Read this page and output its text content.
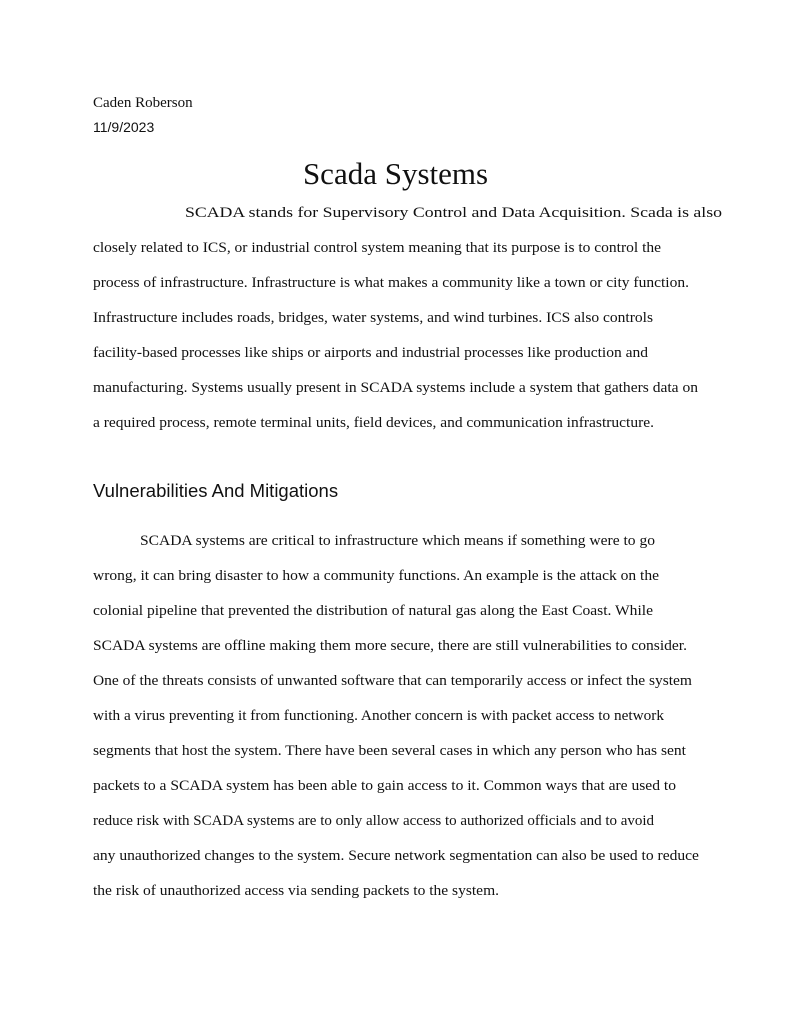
Caden Roberson
11/9/2023
Scada Systems
SCADA stands for Supervisory Control and Data Acquisition. Scada is also
closely related to ICS, or industrial control system meaning that its purpose is to control the
process of infrastructure. Infrastructure is what makes a community like a town or city function.
Infrastructure includes roads, bridges, water systems, and wind turbines. ICS also controls
facility-based processes like ships or airports and industrial processes like production and
manufacturing. Systems usually present in SCADA systems include a system that gathers data on
a required process, remote terminal units, field devices, and communication infrastructure.
Vulnerabilities And Mitigations
SCADA systems are critical to infrastructure which means if something were to go
wrong, it can bring disaster to how a community functions. An example is the attack on the
colonial pipeline that prevented the distribution of natural gas along the East Coast. While
SCADA systems are offline making them more secure, there are still vulnerabilities to consider.
One of the threats consists of unwanted software that can temporarily access or infect the system
with a virus preventing it from functioning. Another concern is with packet access to network
segments that host the system. There have been several cases in which any person who has sent
packets to a SCADA system has been able to gain access to it. Common ways that are used to
reduce risk with SCADA systems are to only allow access to authorized officials and to avoid
any unauthorized changes to the system. Secure network segmentation can also be used to reduce
the risk of unauthorized access via sending packets to the system.
